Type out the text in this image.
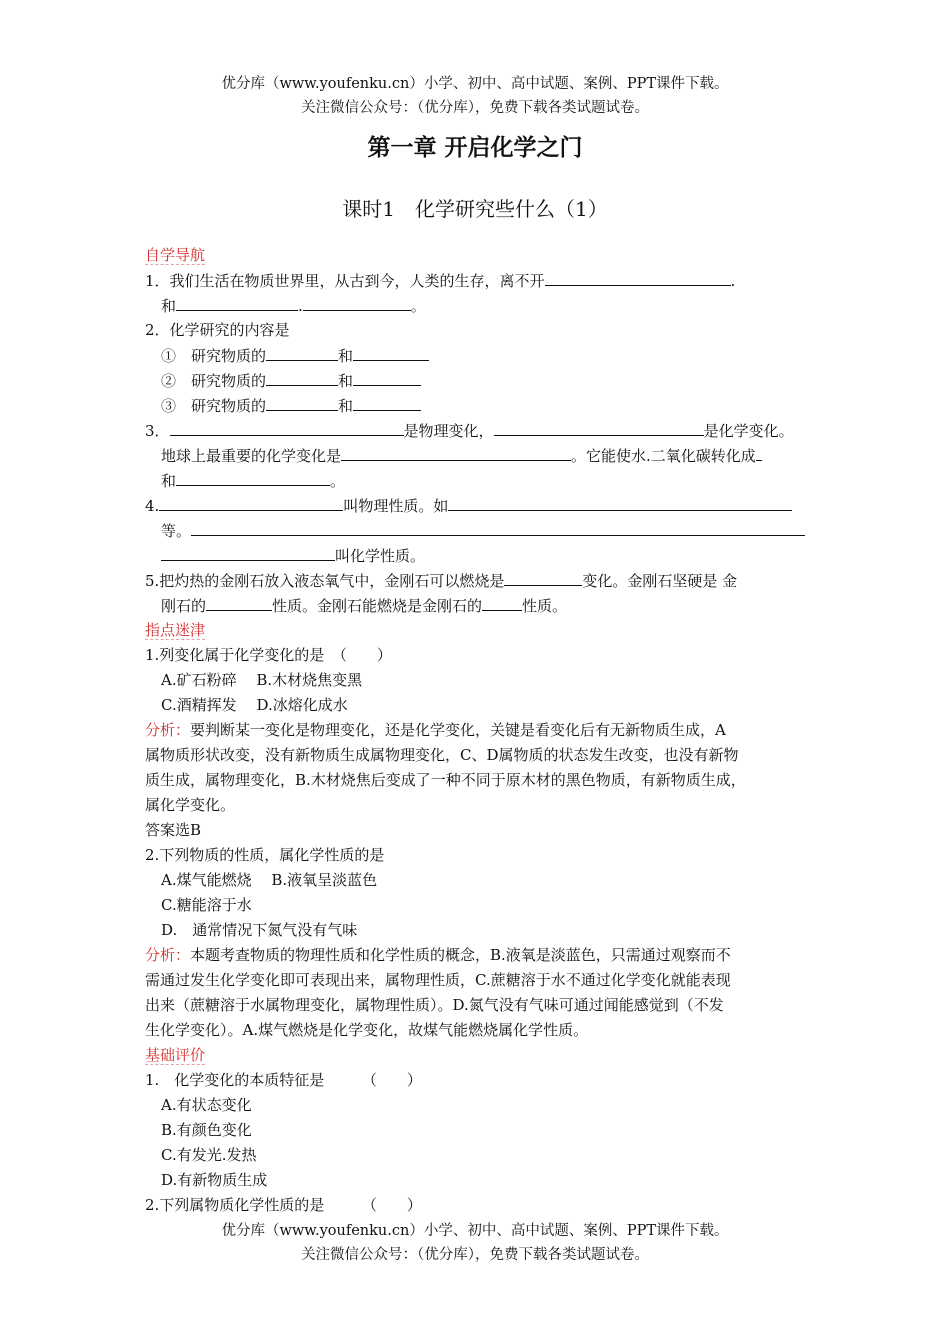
优分库（www.youfenku.cn）小学、初中、高中试题、案例、PPT课件下载。
关注微信公众号：（优分库），免费下载各类试题试卷。
第一章 开启化学之门
课时1　化学研究些什么（1）
自学导航
1．我们生活在物质世界里，从古到今，人类的生存，离不开	.
和	.	。
2．化学研究的内容是
①　研究物质的	和
②　研究物质的	和
③　研究物质的	和
3．	是物理变化，	是化学变化。
地球上最重要的化学变化是	。它能使水.二氧化碳转化成
和	。
4.	叫物理性质。如
等。
叫化学性质。
5.把灼热的金刚石放入液态氧气中，金刚石可以燃烧是	变化。金刚石坚硬是 金
刚石的	性质。金刚石能燃烧是金刚石的	性质。
指点迷津
1.列变化属于化学变化的是　（　　）
A.矿石粉碎　 B.木材烧焦变黑
C.酒精挥发　 D.冰熔化成水
分析：要判断某一变化是物理变化，还是化学变化，关键是看变化后有无新物质生成，A
属物质形状改变，没有新物质生成属物理变化，C、D属物质的状态发生改变，也没有新物
质生成，属物理变化，B.木材烧焦后变成了一种不同于原木材的黑色物质，有新物质生成，
属化学变化。
答案选B
2.下列物质的性质，属化学性质的是
A.煤气能燃烧　 B.液氧呈淡蓝色
C.糖能溶于水
D.　通常情况下氮气没有气味
分析：本题考查物质的物理性质和化学性质的概念，B.液氧是淡蓝色，只需通过观察而不
需通过发生化学变化即可表现出来，属物理性质，C.蔗糖溶于水不通过化学变化就能表现
出来（蔗糖溶于水属物理变化，属物理性质）。D.氮气没有气味可通过闻能感觉到（不发
生化学变化）。A.煤气燃烧是化学变化，故煤气能燃烧属化学性质。
基础评价
1.　化学变化的本质特征是　　　（　　）
A.有状态变化
B.有颜色变化
C.有发光.发热
D.有新物质生成
2.下列属物质化学性质的是　　　（　　）
优分库（www.youfenku.cn）小学、初中、高中试题、案例、PPT课件下载。
关注微信公众号：（优分库），免费下载各类试题试卷。
